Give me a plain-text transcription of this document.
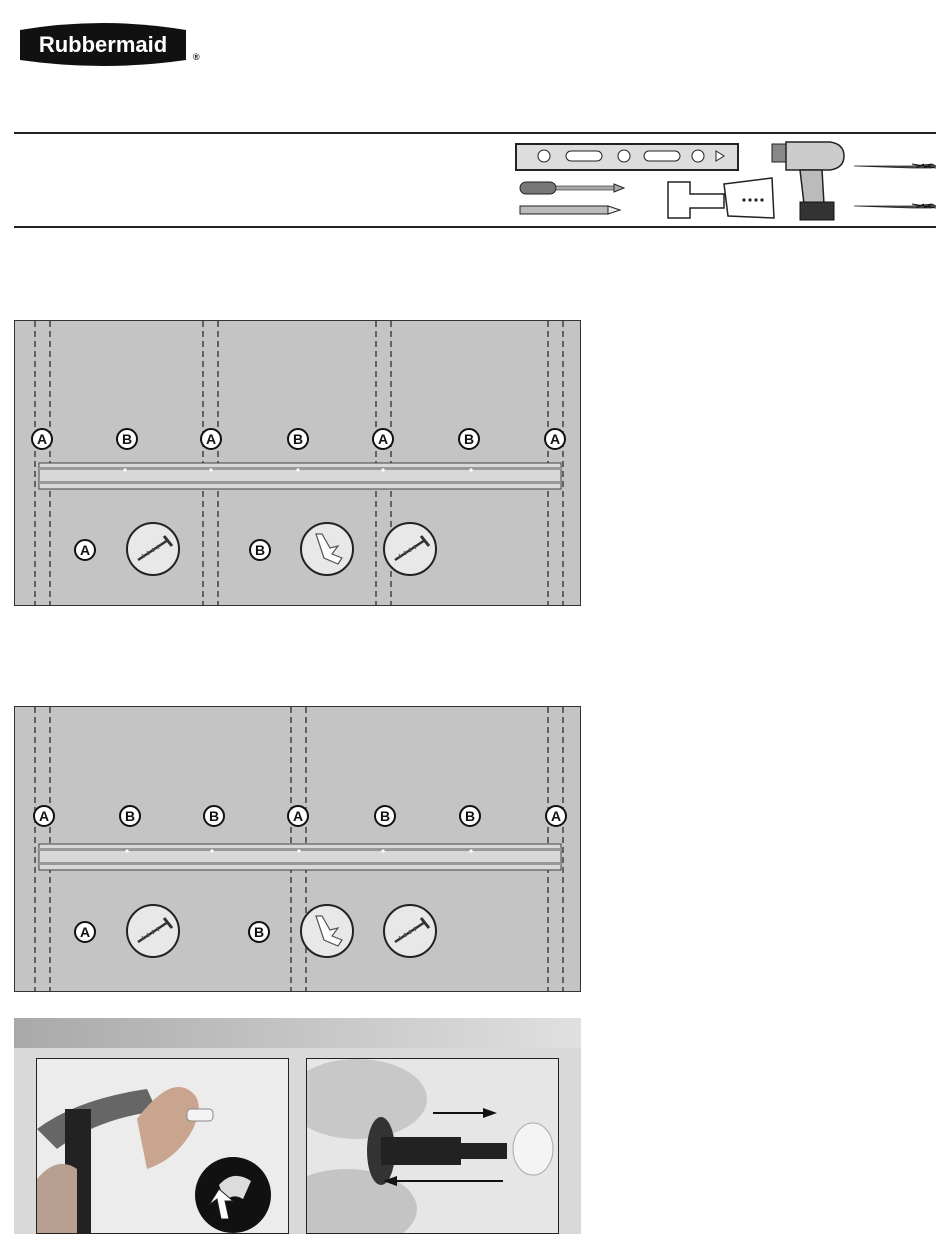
Rubbermaid	®
A	B	A	B	A	B	A
A	B
A	B	B	A	B	B	A
A	B
